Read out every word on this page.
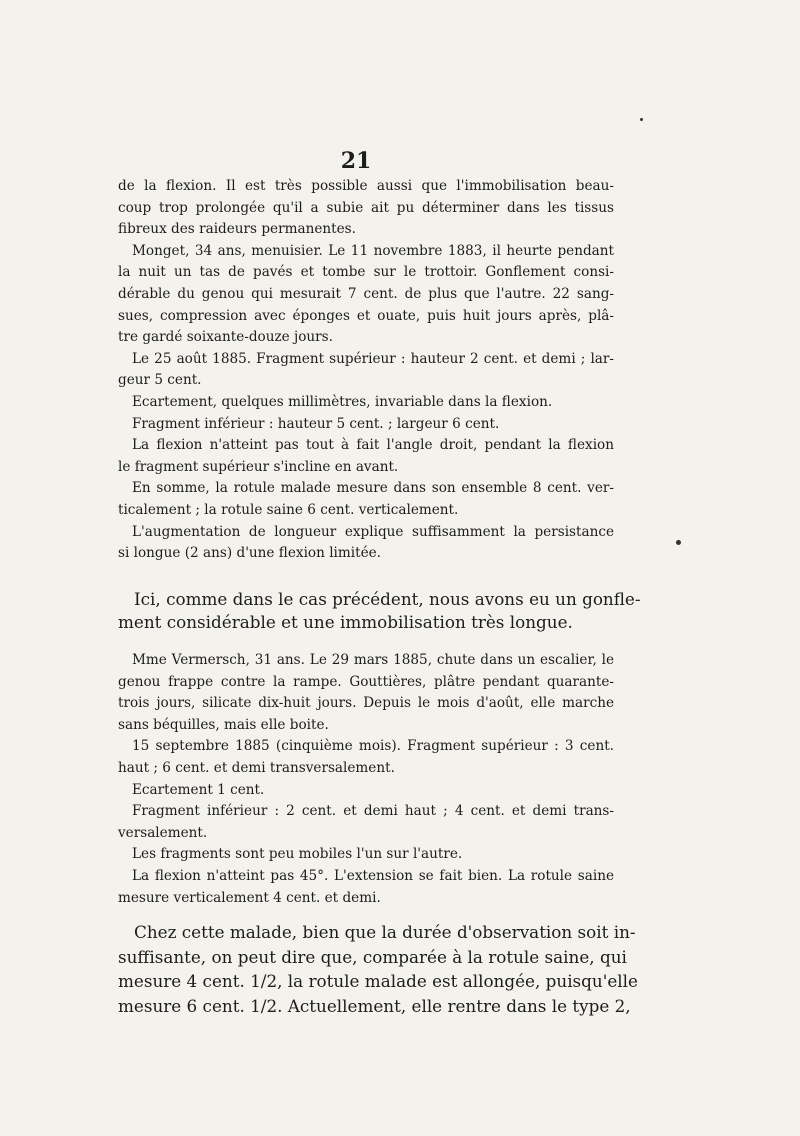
21
de la flexion. Il est très possible aussi que l'immobilisation beau-
coup trop prolongée qu'il a subie ait pu déterminer dans les tissus
fibreux des raideurs permanentes.
Monget, 34 ans, menuisier. Le 11 novembre 1883, il heurte pendant
la nuit un tas de pavés et tombe sur le trottoir. Gonflement consi-
dérable du genou qui mesurait 7 cent. de plus que l'autre. 22 sang-
sues, compression avec éponges et ouate, puis huit jours après, plâ-
tre gardé soixante-douze jours.
Le 25 août 1885. Fragment supérieur : hauteur 2 cent. et demi ; lar-
geur 5 cent.
Ecartement, quelques millimètres, invariable dans la flexion.
Fragment inférieur : hauteur 5 cent. ; largeur 6 cent.
La flexion n'atteint pas tout à fait l'angle droit, pendant la flexion
le fragment supérieur s'incline en avant.
En somme, la rotule malade mesure dans son ensemble 8 cent. ver-
ticalement ; la rotule saine 6 cent. verticalement.
L'augmentation de longueur explique suffisamment la persistance
si longue (2 ans) d'une flexion limitée.
Ici, comme dans le cas précédent, nous avons eu un gonfle-
ment considérable et une immobilisation très longue.
Mme Vermersch, 31 ans. Le 29 mars 1885, chute dans un escalier, le
genou frappe contre la rampe. Gouttières, plâtre pendant quarante-
trois jours, silicate dix-huit jours. Depuis le mois d'août, elle marche
sans béquilles, mais elle boite.
15 septembre 1885 (cinquième mois). Fragment supérieur : 3 cent.
haut ; 6 cent. et demi transversalement.
Ecartement 1 cent.
Fragment inférieur : 2 cent. et demi haut ; 4 cent. et demi trans-
versalement.
Les fragments sont peu mobiles l'un sur l'autre.
La flexion n'atteint pas 45°. L'extension se fait bien. La rotule saine
mesure verticalement 4 cent. et demi.
Chez cette malade, bien que la durée d'observation soit in-
suffisante, on peut dire que, comparée à la rotule saine, qui
mesure 4 cent. 1/2, la rotule malade est allongée, puisqu'elle
mesure 6 cent. 1/2. Actuellement, elle rentre dans le type 2,
